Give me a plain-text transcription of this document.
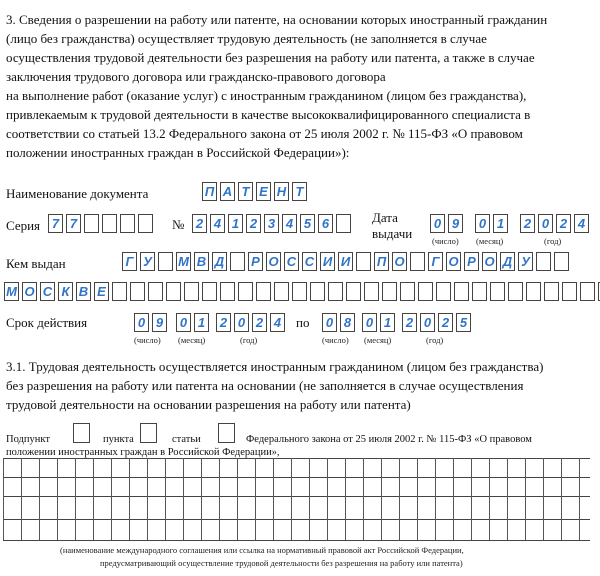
3. Сведения о разрешении на работу или патенте, на основании которых иностранный гражданин
(лицо без гражданства) осуществляет трудовую деятельность (не заполняется в случае
осуществления трудовой деятельности без разрешения на работу или патента, а также в случае
заключения трудового договора или гражданско-правового договора
на выполнение работ (оказание услуг) с иностранным гражданином (лицом без гражданства),
привлекаемым к трудовой деятельности в качестве высококвалифицированного специалиста в
соответствии со статьей 13.2 Федерального закона от 25 июля 2002 г. № 115-ФЗ «О правовом
положении иностранных граждан в Российской Федерации»):
Наименование документа	П А Т Е Н Т
Серия 7 7	№ 2 4 1 2 3 4 5 6	Дата
выдачи
0 9 0 1 2 0 2 4
(число) (месяц)	(год)
Кем выдан	Г У М В Д Р О С С И И П О Г О Р О Д У
М О С К В Е
Срок действия	0 9 0 1 2 0 2 4 по 0 8 0 1 2 0 2 5
(число) (месяц)	(год)	(число) (месяц)	(год)
3.1. Трудовая деятельность осуществляется иностранным гражданином (лицом без гражданства)
без разрешения на работу или патента на основании (не заполняется в случае осуществления
трудовой деятельности на основании разрешения на работу или патента)
Подпункт	пункта	статьи	Федерального закона от 25 июля 2002 г. № 115-ФЗ «О правовом
положении иностранных граждан в Российской Федерации»,
(наименование международного соглашения или ссылка на нормативный правовой акт Российской Федерации,
предусматривающий осуществление трудовой деятельности без разрешения на работу или патента)
